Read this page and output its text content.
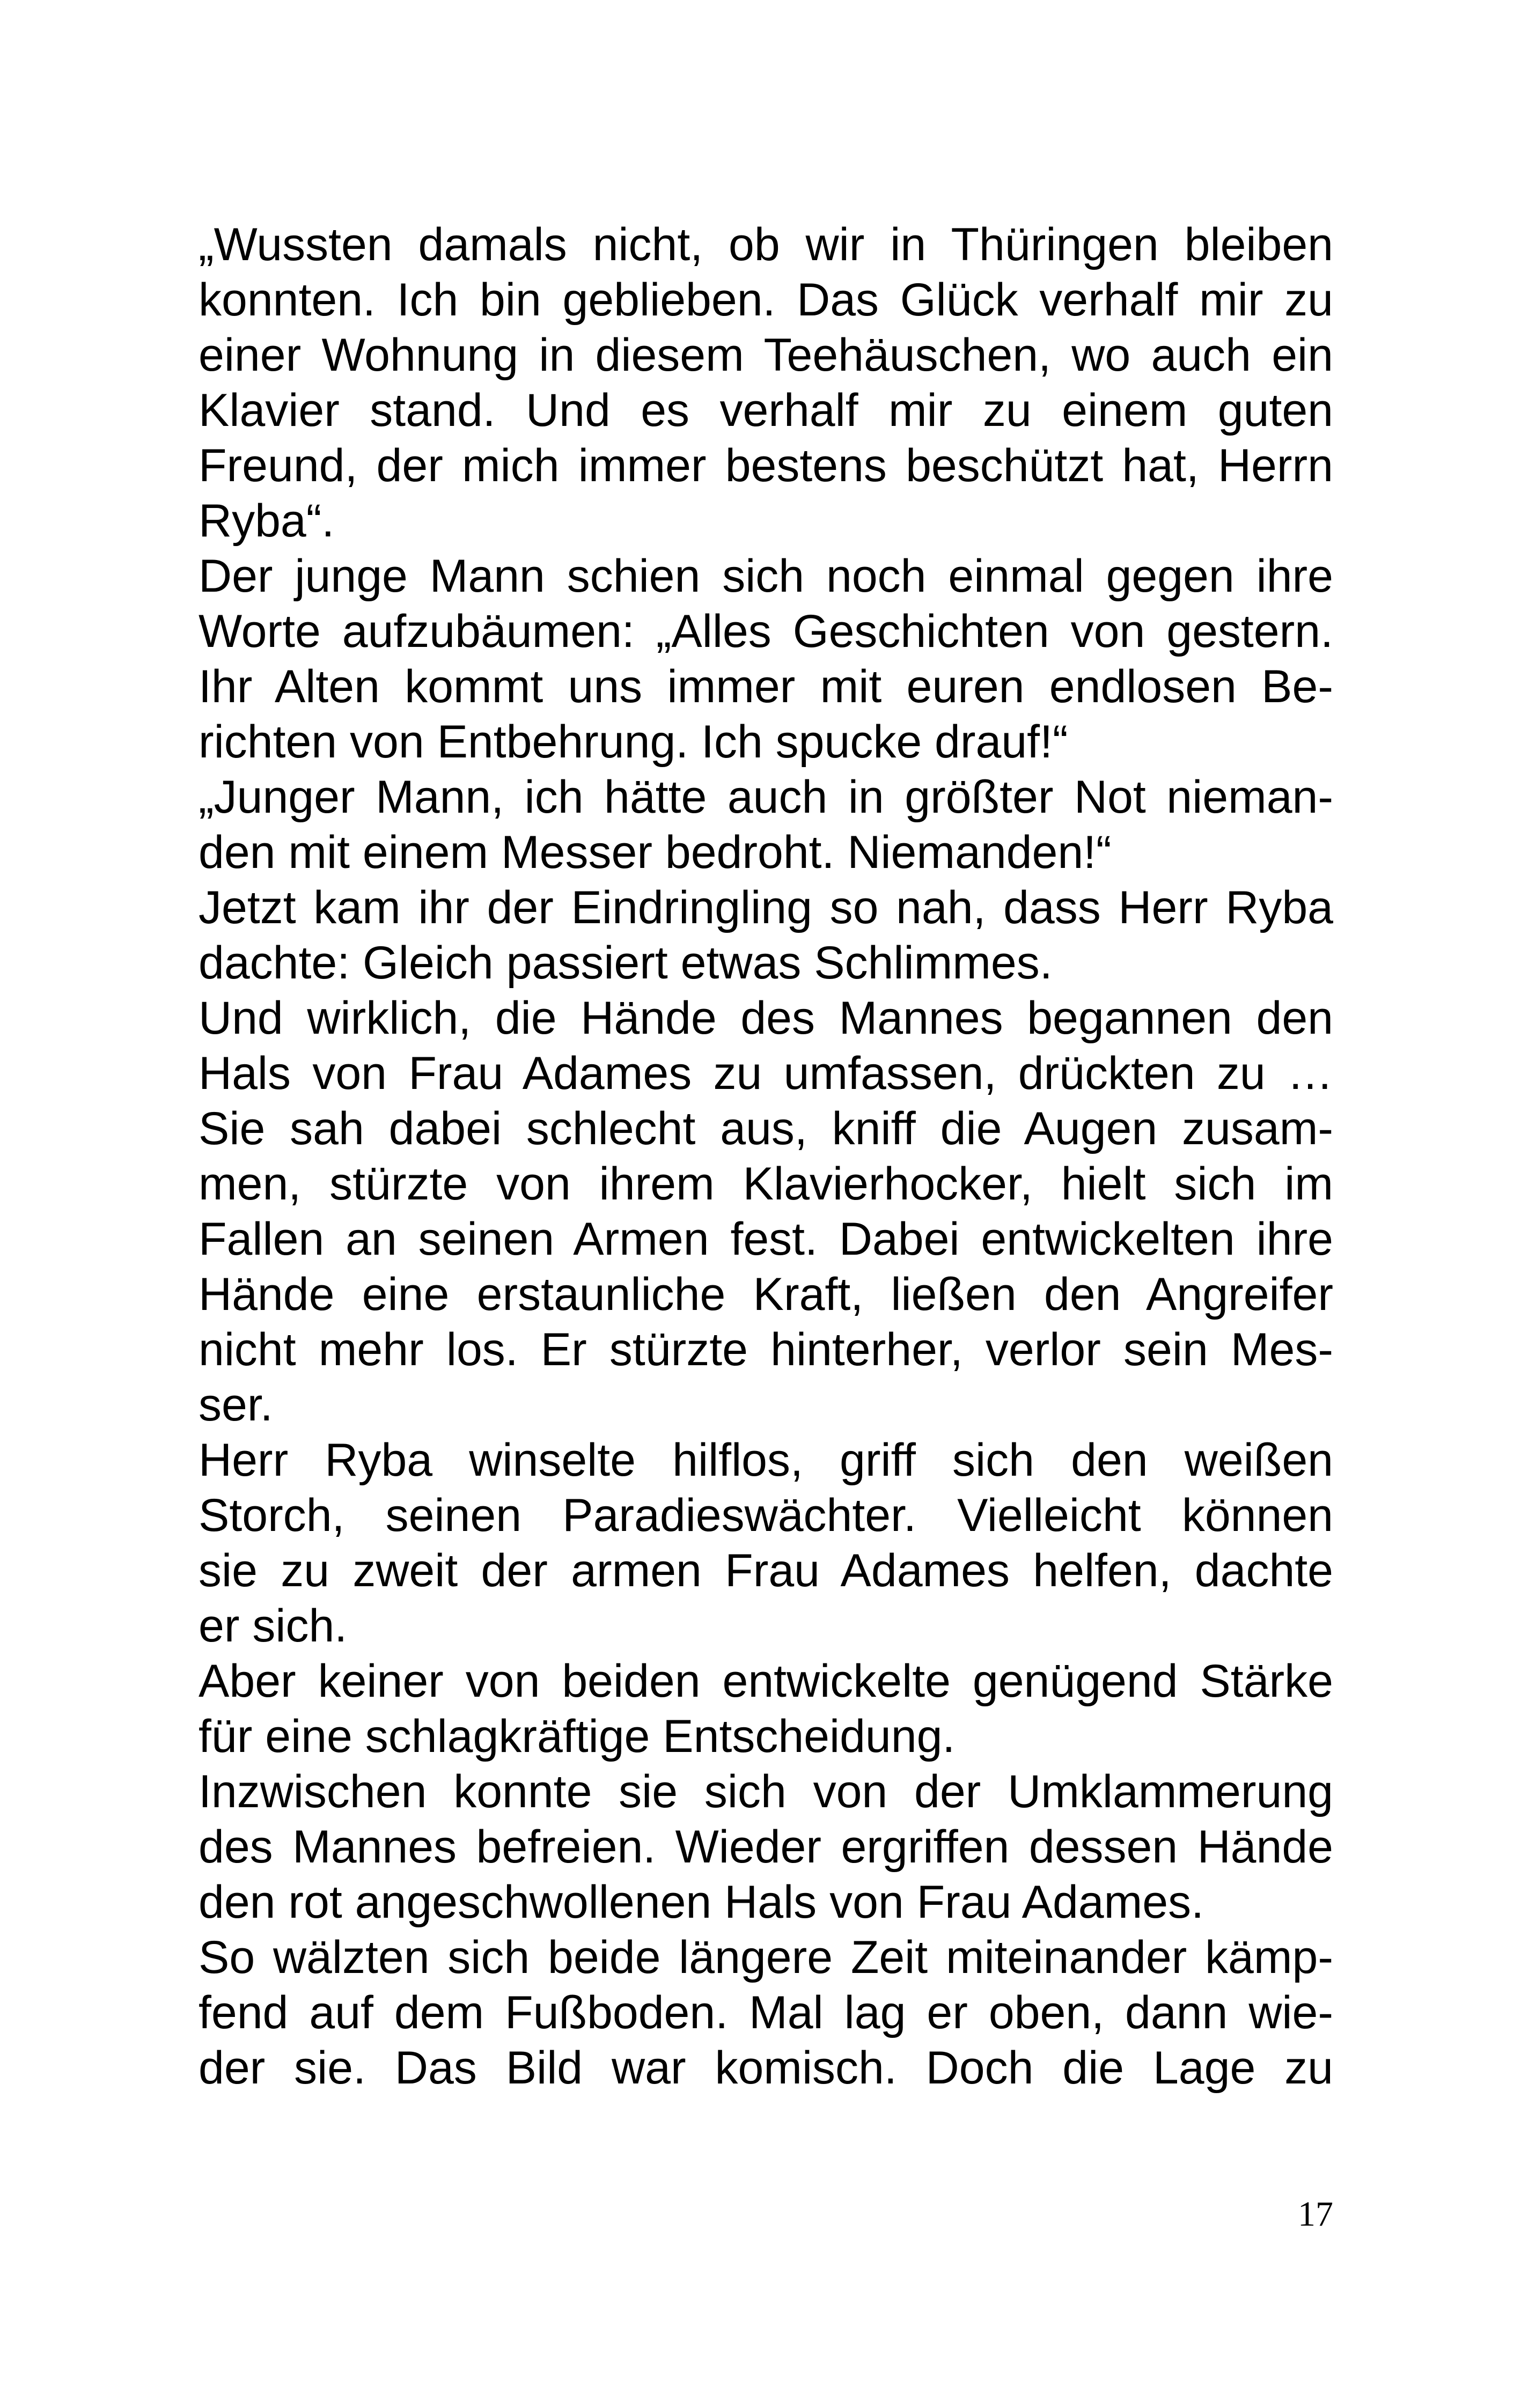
„Wussten damals nicht, ob wir in Thüringen bleiben

konnten. Ich bin geblieben. Das Glück verhalf mir zu

einer Wohnung in diesem Teehäuschen, wo auch ein

Klavier stand. Und es verhalf mir zu einem guten

Freund, der mich immer bestens beschützt hat, Herrn

Ryba“.

Der junge Mann schien sich noch einmal gegen ihre

Worte aufzubäumen: „Alles Geschichten von gestern.

Ihr Alten kommt uns immer mit euren endlosen Be-

richten von Entbehrung. Ich spucke drauf!“

„Junger Mann, ich hätte auch in größter Not nieman-

den mit einem Messer bedroht. Niemanden!“

Jetzt kam ihr der Eindringling so nah, dass Herr Ryba

dachte: Gleich passiert etwas Schlimmes.

Und wirklich, die Hände des Mannes begannen den

Hals von Frau Adames zu umfassen, drückten zu …

Sie sah dabei schlecht aus, kniff die Augen zusam-

men, stürzte von ihrem Klavierhocker, hielt sich im

Fallen an seinen Armen fest. Dabei entwickelten ihre

Hände eine erstaunliche Kraft, ließen den Angreifer

nicht mehr los. Er stürzte hinterher, verlor sein Mes-

ser.

Herr Ryba winselte hilflos, griff sich den weißen

Storch, seinen Paradieswächter. Vielleicht können

sie zu zweit der armen Frau Adames helfen, dachte

er sich.

Aber keiner von beiden entwickelte genügend Stärke

für eine schlagkräftige Entscheidung.

Inzwischen konnte sie sich von der Umklammerung

des Mannes befreien. Wieder ergriffen dessen Hände

den rot angeschwollenen Hals von Frau Adames.

So wälzten sich beide längere Zeit miteinander kämp-

fend auf dem Fußboden. Mal lag er oben, dann wie-

der sie. Das Bild war komisch. Doch die Lage zu

17
